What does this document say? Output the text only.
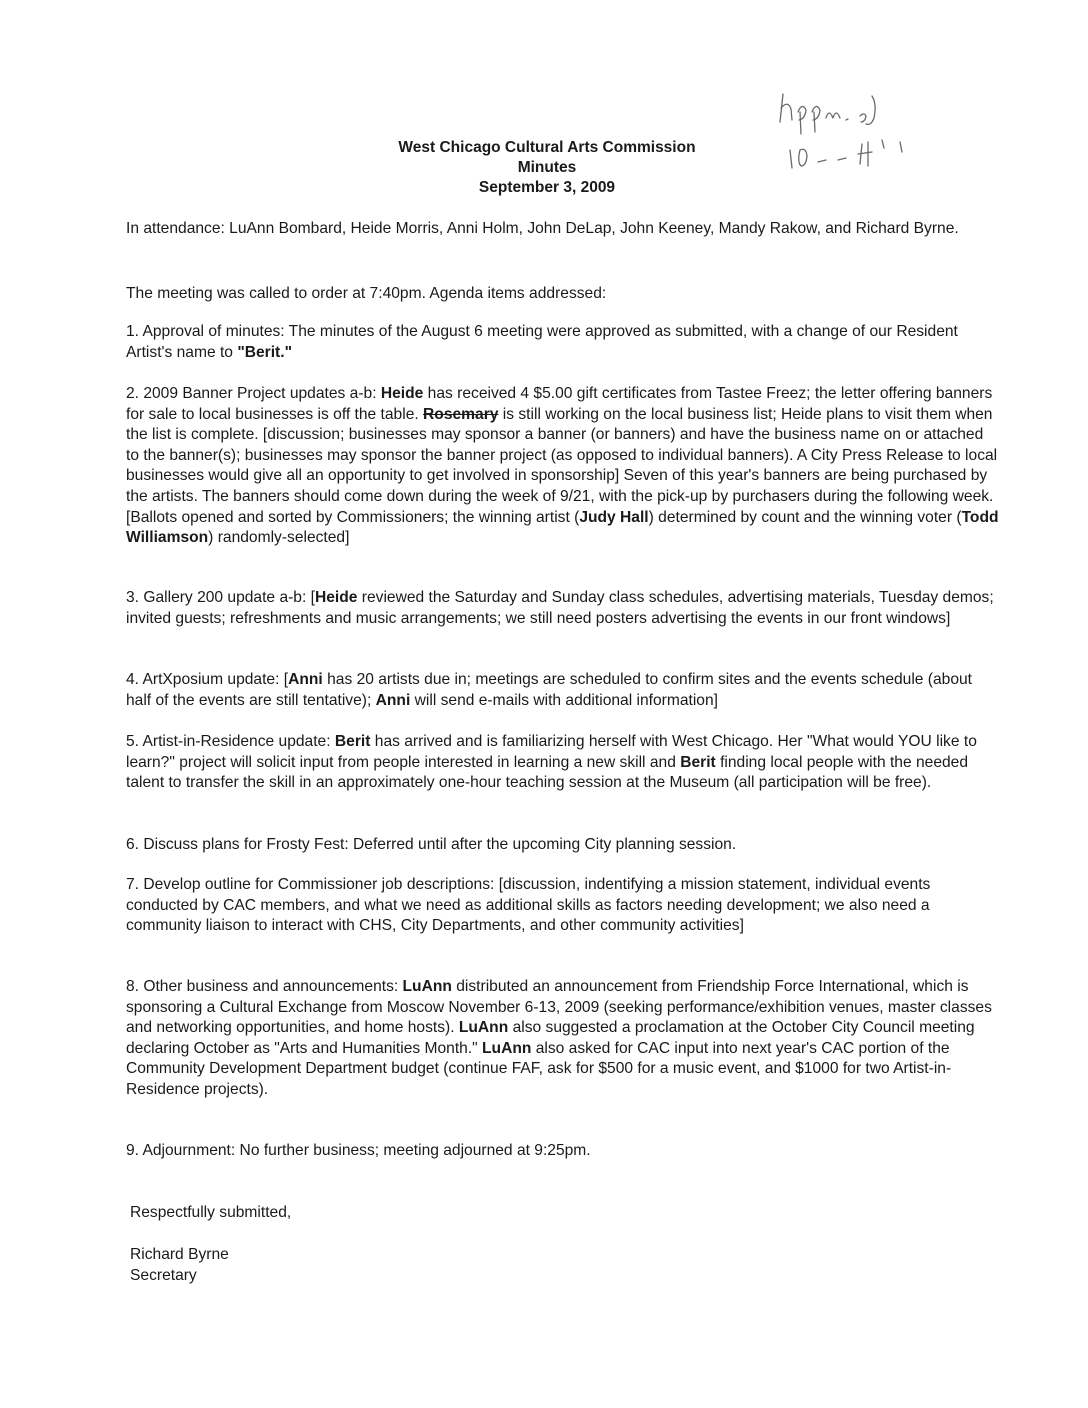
West Chicago Cultural Arts Commission
Minutes
September 3, 2009

In attendance: LuAnn Bombard, Heide Morris, Anni Holm, John DeLap, John Keeney, Mandy Rakow, and Richard Byrne.

The meeting was called to order at 7:40pm. Agenda items addressed:

1. Approval of minutes: The minutes of the August 6 meeting were approved as submitted, with a change of our Resident Artist's name to "Berit."

2. 2009 Banner Project updates a-b: Heide has received 4 $5.00 gift certificates from Tastee Freez; the letter offering banners for sale to local businesses is off the table. Rosemary is still working on the local business list; Heide plans to visit them when the list is complete. [discussion; businesses may sponsor a banner (or banners) and have the business name on or attached to the banner(s); businesses may sponsor the banner project (as opposed to individual banners). A City Press Release to local businesses would give all an opportunity to get involved in sponsorship] Seven of this year's banners are being purchased by the artists. The banners should come down during the week of 9/21, with the pick-up by purchasers during the following week. [Ballots opened and sorted by Commissioners; the winning artist (Judy Hall) determined by count and the winning voter (Todd Williamson) randomly-selected]

3. Gallery 200 update a-b: [Heide reviewed the Saturday and Sunday class schedules, advertising materials, Tuesday demos; invited guests; refreshments and music arrangements; we still need posters advertising the events in our front windows]

4. ArtXposium update: [Anni has 20 artists due in; meetings are scheduled to confirm sites and the events schedule (about half of the events are still tentative); Anni will send e-mails with additional information]

5. Artist-in-Residence update: Berit has arrived and is familiarizing herself with West Chicago. Her "What would YOU like to learn?" project will solicit input from people interested in learning a new skill and Berit finding local people with the needed talent to transfer the skill in an approximately one-hour teaching session at the Museum (all participation will be free).

6. Discuss plans for Frosty Fest: Deferred until after the upcoming City planning session.

7. Develop outline for Commissioner job descriptions: [discussion, indentifying a mission statement, individual events conducted by CAC members, and what we need as additional skills as factors needing development; we also need a community liaison to interact with CHS, City Departments, and other community activities]

8. Other business and announcements: LuAnn distributed an announcement from Friendship Force International, which is sponsoring a Cultural Exchange from Moscow November 6-13, 2009 (seeking performance/exhibition venues, master classes and networking opportunities, and home hosts). LuAnn also suggested a proclamation at the October City Council meeting declaring October as "Arts and Humanities Month." LuAnn also asked for CAC input into next year's CAC portion of the Community Development Department budget (continue FAF, ask for $500 for a music event, and $1000 for two Artist-in-Residence projects).

9. Adjournment: No further business; meeting adjourned at 9:25pm.

Respectfully submitted,
Richard Byrne
Secretary
